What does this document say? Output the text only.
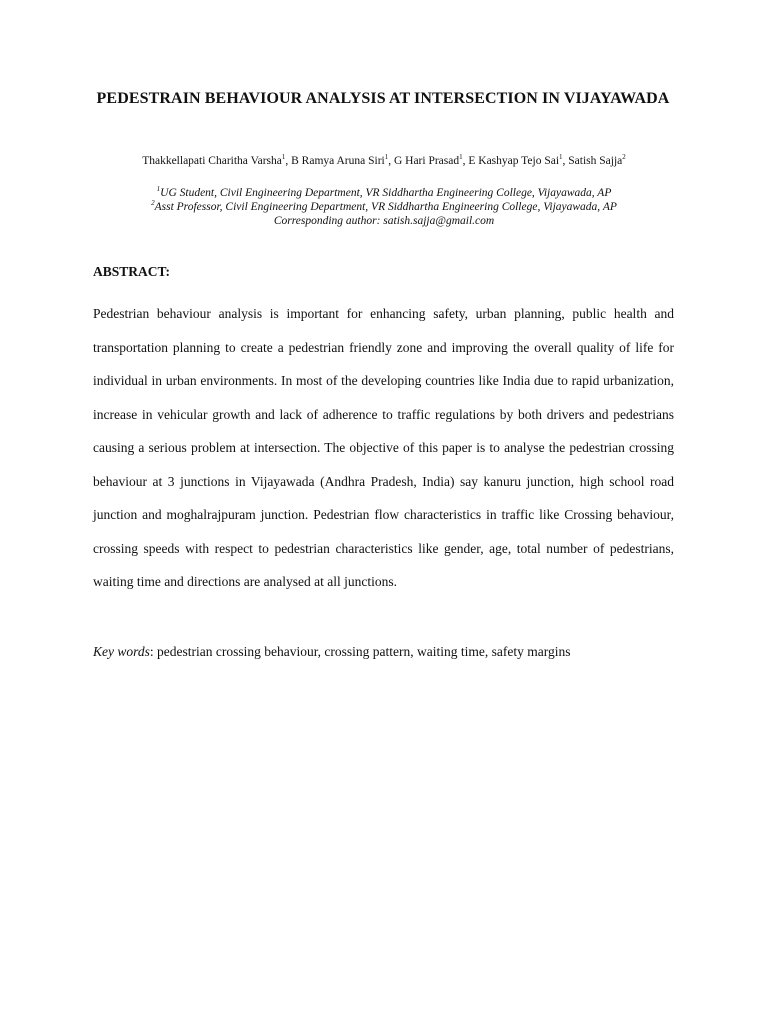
PEDESTRAIN BEHAVIOUR ANALYSIS AT INTERSECTION IN VIJAYAWADA
Thakkellapati Charitha Varsha$^1$, B Ramya Aruna Siri$^1$, G Hari Prasad$^1$, E Kashyap Tejo Sai$^1$, Satish Sajja$^2$
$^1$UG Student, Civil Engineering Department, VR Siddhartha Engineering College, Vijayawada, AP
$^2$Asst Professor, Civil Engineering Department, VR Siddhartha Engineering College, Vijayawada, AP
Corresponding author: satish.sajja@gmail.com
ABSTRACT:

Pedestrian behaviour analysis is important for enhancing safety, urban planning, public health and transportation planning to create a pedestrian friendly zone and improving the overall quality of life for individual in urban environments. In most of the developing countries like India due to rapid urbanization, increase in vehicular growth and lack of adherence to traffic regulations by both drivers and pedestrians causing a serious problem at intersection. The objective of this paper is to analyse the pedestrian crossing behaviour at 3 junctions in Vijayawada (Andhra Pradesh, India) say kanuru junction, high school road junction and moghalrajpuram junction. Pedestrian flow characteristics in traffic like Crossing behaviour, crossing speeds with respect to pedestrian characteristics like gender, age, total number of pedestrians, waiting time and directions are analysed at all junctions.

Key words: pedestrian crossing behaviour, crossing pattern, waiting time, safety margins
